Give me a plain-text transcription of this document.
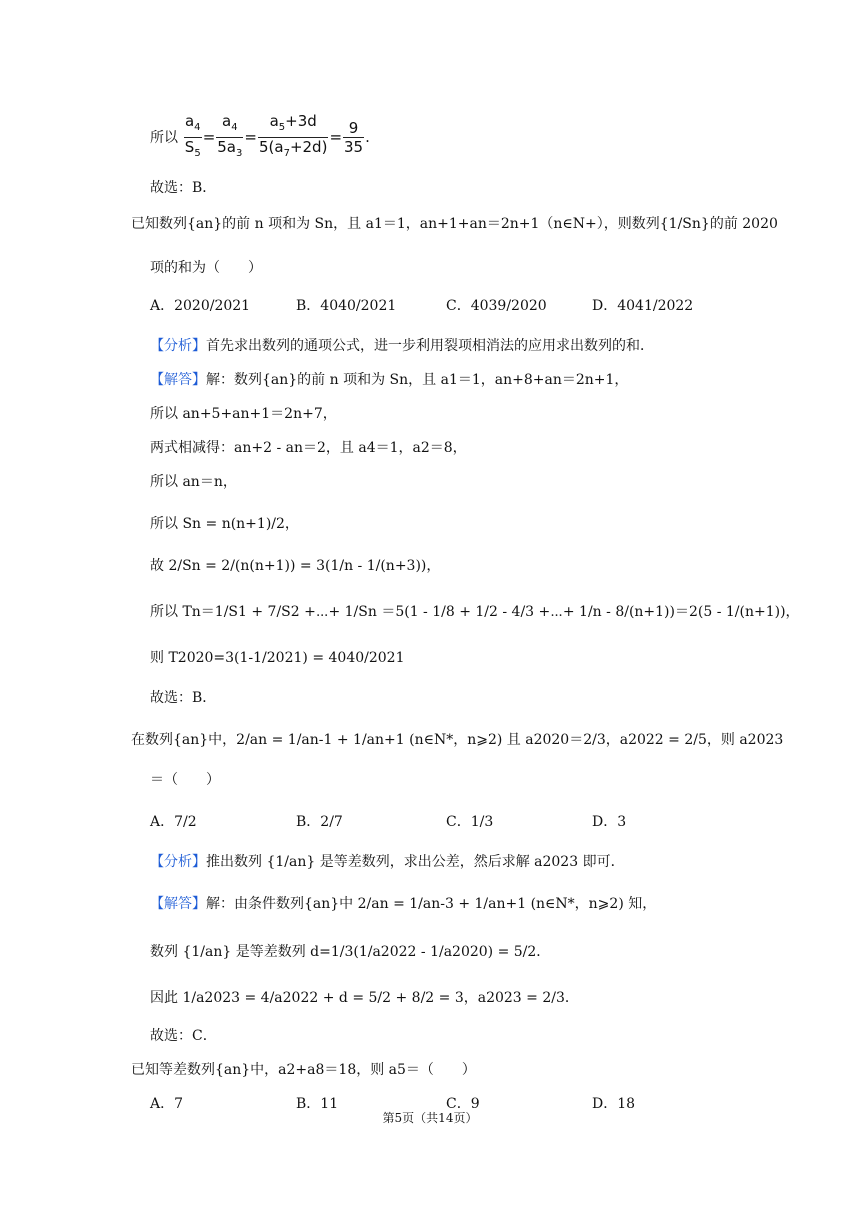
所以 $\frac{a_4}{S_5} = \frac{a_4}{5a_3} = \frac{a_5+3d}{5(a_7+2d)} = \frac{9}{35}$ .
故选：B．
已知数列{an}的前 n 项和为 Sn，且 a1＝1，an+1+an＝2n+1（n∈N+），则数列{1/Sn}的前 2020
项的和为（　　）
A．2020/2021	B．4040/2021	C．4039/2020	D．4041/2022
【分析】首先求出数列的通项公式，进一步利用裂项相消法的应用求出数列的和．
【解答】解：数列{an}的前 n 项和为 Sn，且 a1＝1，an+8+an＝2n+1，
所以 an+5+an+1＝2n+7，
两式相减得：an+2 - an＝2，且 a4＝1，a2＝8，
所以 an＝n，
所以 Sn = n(n+1)/2，
故 2/Sn = 2/(n(n+1)) = 3(1/n - 1/(n+3))，
所以 Tn＝1/S1 + 7/S2 +⋯+ 1/Sn ＝5(1 - 1/8 + 1/2 - 4/3 +⋯+ 1/n - 8/(n+1))＝2(5 - 1/(n+1))，
则 T2020=3(1-1/2021) = 4040/2021
故选：B．
在数列{an}中，2/an = 1/an-1 + 1/an+1 (n∈N*，n⩾2) 且 a2020＝2/3，a2022 = 2/5，则 a2023
＝（　　）
A．7/2	B．2/7	C．1/3	D．3
【分析】推出数列 {1/an} 是等差数列，求出公差，然后求解 a2023 即可．
【解答】解：由条件数列{an}中 2/an = 1/an-3 + 1/an+1 (n∈N*，n⩾2) 知，
数列 {1/an} 是等差数列 d=1/3(1/a2022 - 1/a2020) = 5/2．
因此 1/a2023 = 4/a2022 + d = 5/2 + 8/2 = 3，a2023 = 2/3．
故选：C．
已知等差数列{an}中，a2+a8＝18，则 a5＝（　　）
A．7	B．11	C．9	D．18
第5页（共14页）
